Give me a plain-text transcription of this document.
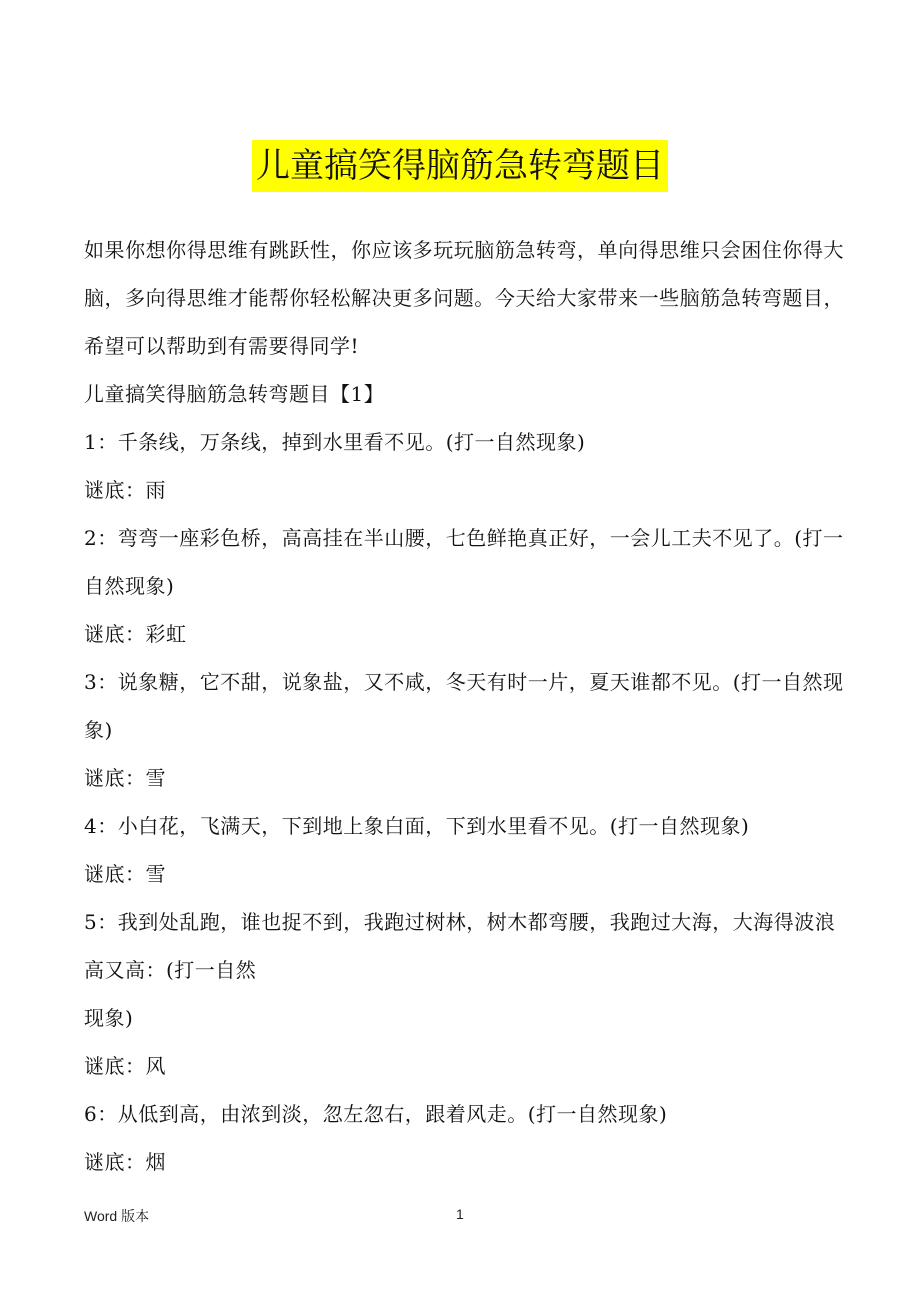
儿童搞笑得脑筋急转弯题目

如果你想你得思维有跳跃性，你应该多玩玩脑筋急转弯，单向得思维只会困住你得大脑，多向得思维才能帮你轻松解决更多问题。今天给大家带来一些脑筋急转弯题目，希望可以帮助到有需要得同学!

儿童搞笑得脑筋急转弯题目【1】

1：千条线，万条线，掉到水里看不见。(打一自然现象)

谜底：雨

2：弯弯一座彩色桥，高高挂在半山腰，七色鲜艳真正好，一会儿工夫不见了。(打一自然现象)

谜底：彩虹

3：说象糖，它不甜，说象盐，又不咸，冬天有时一片，夏天谁都不见。(打一自然现象)

谜底：雪

4：小白花，飞满天，下到地上象白面，下到水里看不见。(打一自然现象)

谜底：雪

5：我到处乱跑，谁也捉不到，我跑过树林，树木都弯腰，我跑过大海，大海得波浪高又高：(打一自然

现象)

谜底：风

6：从低到高，由浓到淡，忽左忽右，跟着风走。(打一自然现象)

谜底：烟

Word 版本	1
